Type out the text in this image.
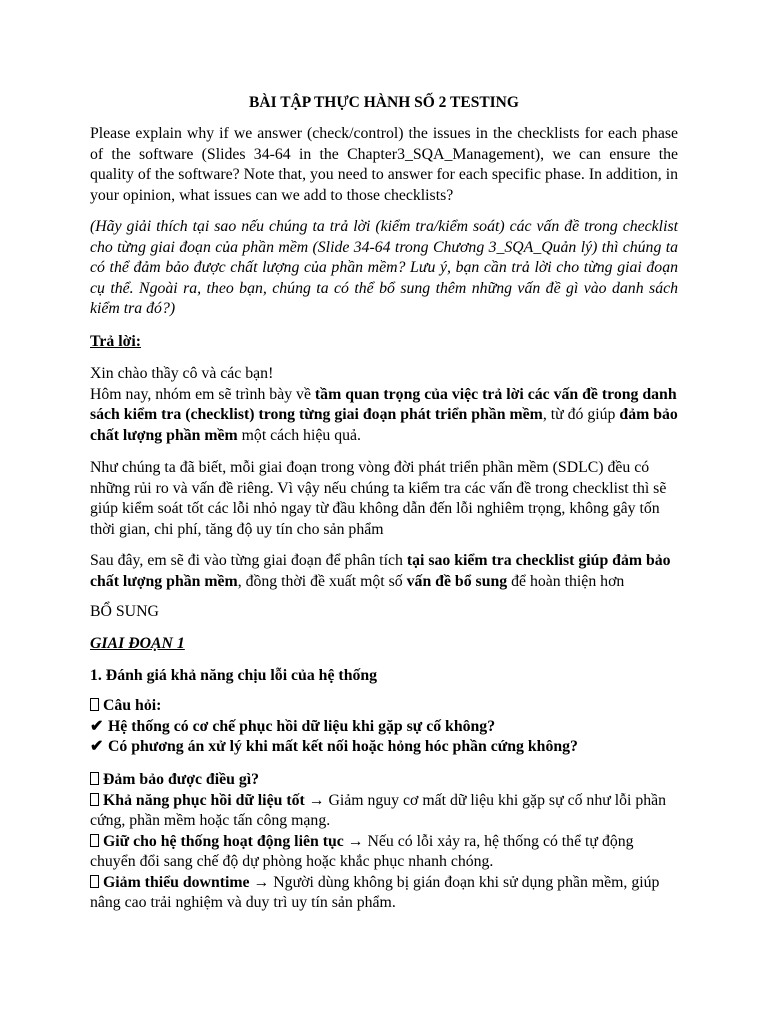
BÀI TẬP THỰC HÀNH SỐ 2 TESTING
Please explain why if we answer (check/control) the issues in the checklists for each phase of the software (Slides 34-64 in the Chapter3_SQA_Management), we can ensure the quality of the software? Note that, you need to answer for each specific phase. In addition, in your opinion, what issues can we add to those checklists?
(Hãy giải thích tại sao nếu chúng ta trả lời (kiểm tra/kiểm soát) các vấn đề trong checklist cho từng giai đoạn của phần mềm (Slide 34-64 trong Chương 3_SQA_Quản lý) thì chúng ta có thể đảm bảo được chất lượng của phần mềm? Lưu ý, bạn cần trả lời cho từng giai đoạn cụ thể. Ngoài ra, theo bạn, chúng ta có thể bổ sung thêm những vấn đề gì vào danh sách kiểm tra đó?)
Trả lời:
Xin chào thầy cô và các bạn!
Hôm nay, nhóm em sẽ trình bày về tầm quan trọng của việc trả lời các vấn đề trong danh sách kiểm tra (checklist) trong từng giai đoạn phát triển phần mềm, từ đó giúp đảm bảo chất lượng phần mềm một cách hiệu quả.
Như chúng ta đã biết, mỗi giai đoạn trong vòng đời phát triển phần mềm (SDLC) đều có những rủi ro và vấn đề riêng. Vì vậy nếu chúng ta kiểm tra các vấn đề trong checklist thì sẽ giúp kiểm soát tốt các lỗi nhỏ ngay từ đầu không dẫn đến lỗi nghiêm trọng, không gây tốn thời gian, chi phí, tăng độ uy tín cho sản phẩm
Sau đây, em sẽ đi vào từng giai đoạn để phân tích tại sao kiểm tra checklist giúp đảm bảo chất lượng phần mềm, đồng thời đề xuất một số vấn đề bổ sung để hoàn thiện hơn
BỔ SUNG
GIAI ĐOẠN 1
1. Đánh giá khả năng chịu lỗi của hệ thống
Câu hỏi:
✔ Hệ thống có cơ chế phục hồi dữ liệu khi gặp sự cố không?
✔ Có phương án xử lý khi mất kết nối hoặc hỏng hóc phần cứng không?
Đảm bảo được điều gì?
Khả năng phục hồi dữ liệu tốt → Giảm nguy cơ mất dữ liệu khi gặp sự cố như lỗi phần cứng, phần mềm hoặc tấn công mạng.
Giữ cho hệ thống hoạt động liên tục → Nếu có lỗi xảy ra, hệ thống có thể tự động chuyển đổi sang chế độ dự phòng hoặc khắc phục nhanh chóng.
Giảm thiểu downtime → Người dùng không bị gián đoạn khi sử dụng phần mềm, giúp nâng cao trải nghiệm và duy trì uy tín sản phẩm.
